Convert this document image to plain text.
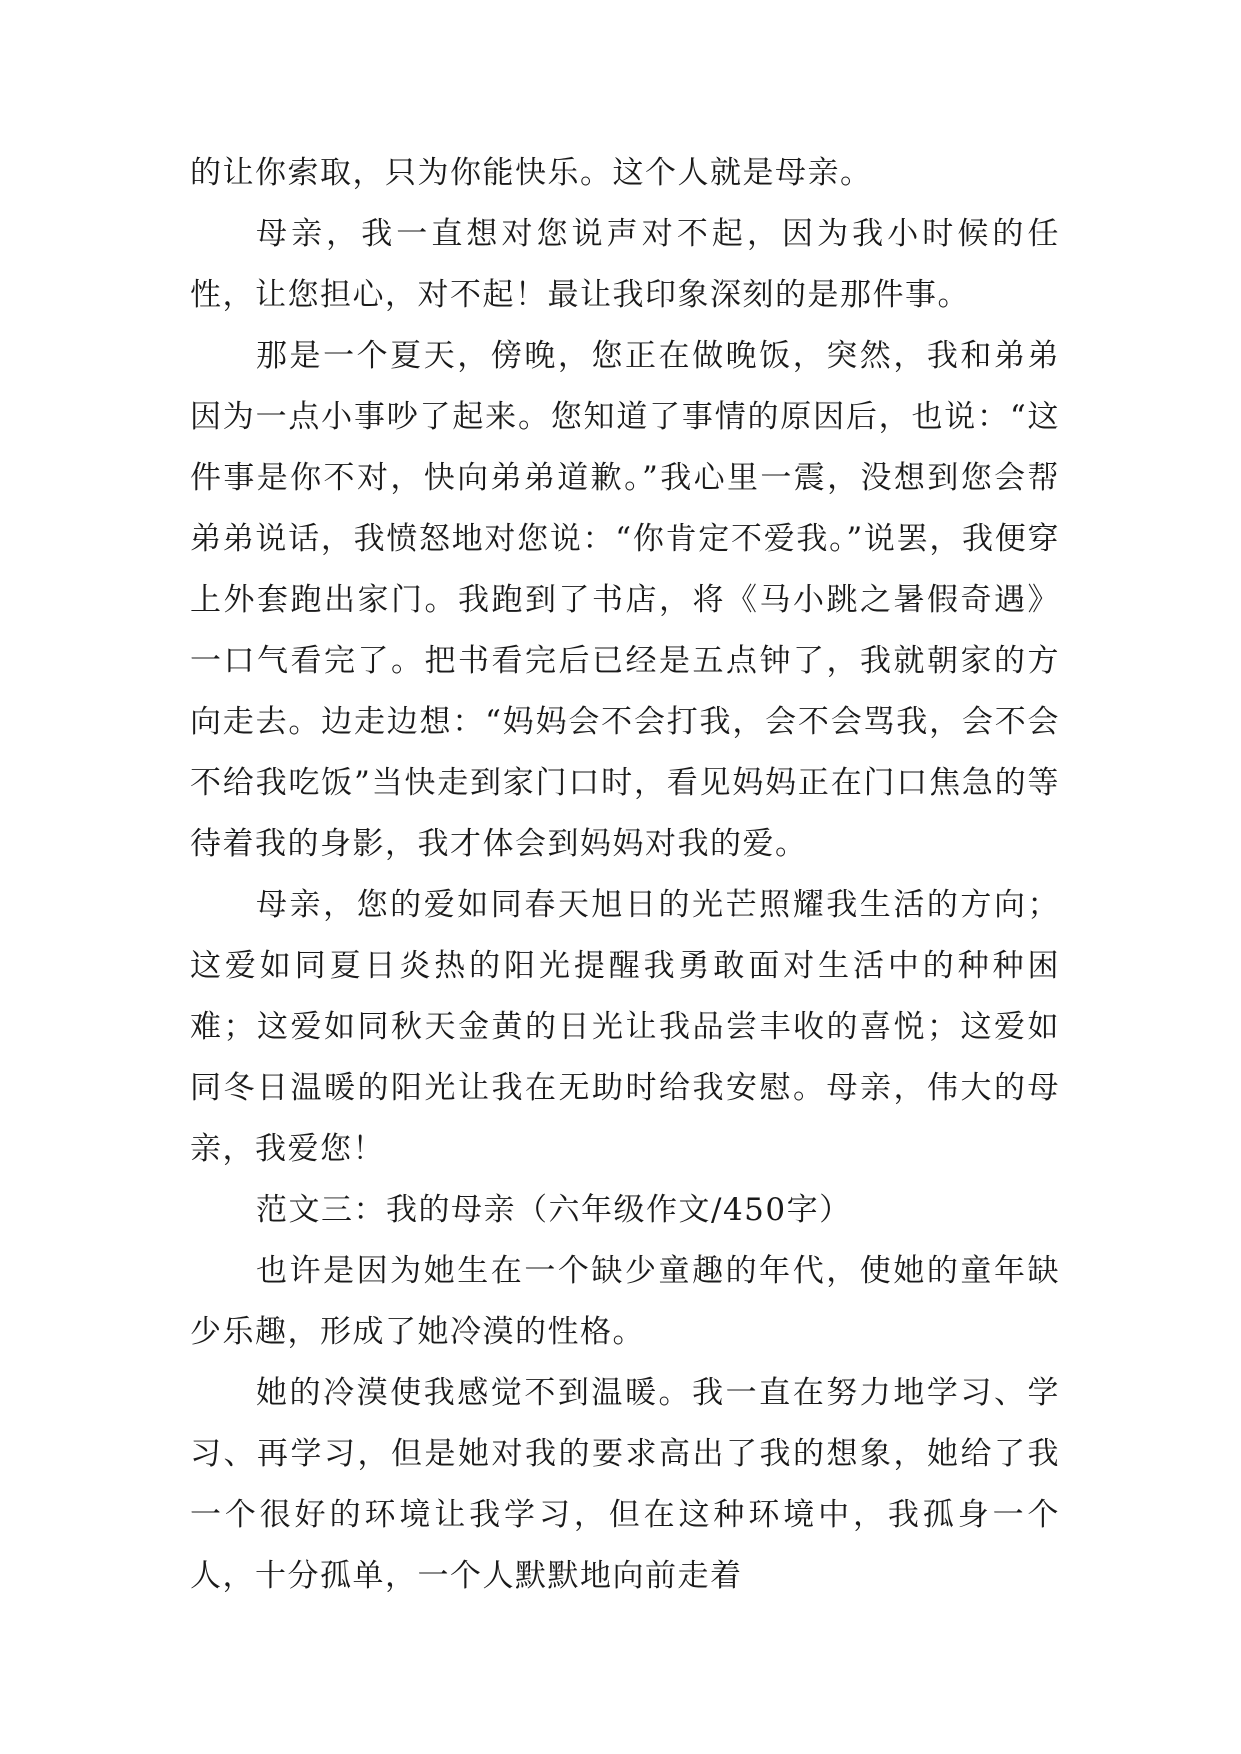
的让你索取，只为你能快乐。这个人就是母亲。

母亲，我一直想对您说声对不起，因为我小时候的任性，让您担心，对不起！最让我印象深刻的是那件事。

那是一个夏天，傍晚，您正在做晚饭，突然，我和弟弟因为一点小事吵了起来。您知道了事情的原因后，也说：“这件事是你不对，快向弟弟道歉。”我心里一震，没想到您会帮弟弟说话，我愤怒地对您说：“你肯定不爱我。”说罢，我便穿上外套跑出家门。我跑到了书店，将《马小跳之暑假奇遇》一口气看完了。把书看完后已经是五点钟了，我就朝家的方向走去。边走边想：“妈妈会不会打我，会不会骂我，会不会不给我吃饭”当快走到家门口时，看见妈妈正在门口焦急的等待着我的身影，我才体会到妈妈对我的爱。

母亲，您的爱如同春天旭日的光芒照耀我生活的方向；这爱如同夏日炎热的阳光提醒我勇敢面对生活中的种种困难；这爱如同秋天金黄的日光让我品尝丰收的喜悦；这爱如同冬日温暖的阳光让我在无助时给我安慰。母亲，伟大的母亲，我爱您！

范文三：我的母亲（六年级作文/450字）

也许是因为她生在一个缺少童趣的年代，使她的童年缺少乐趣，形成了她冷漠的性格。

她的冷漠使我感觉不到温暖。我一直在努力地学习、学习、再学习，但是她对我的要求高出了我的想象，她给了我一个很好的环境让我学习，但在这种环境中，我孤身一个人，十分孤单，一个人默默地向前走着
